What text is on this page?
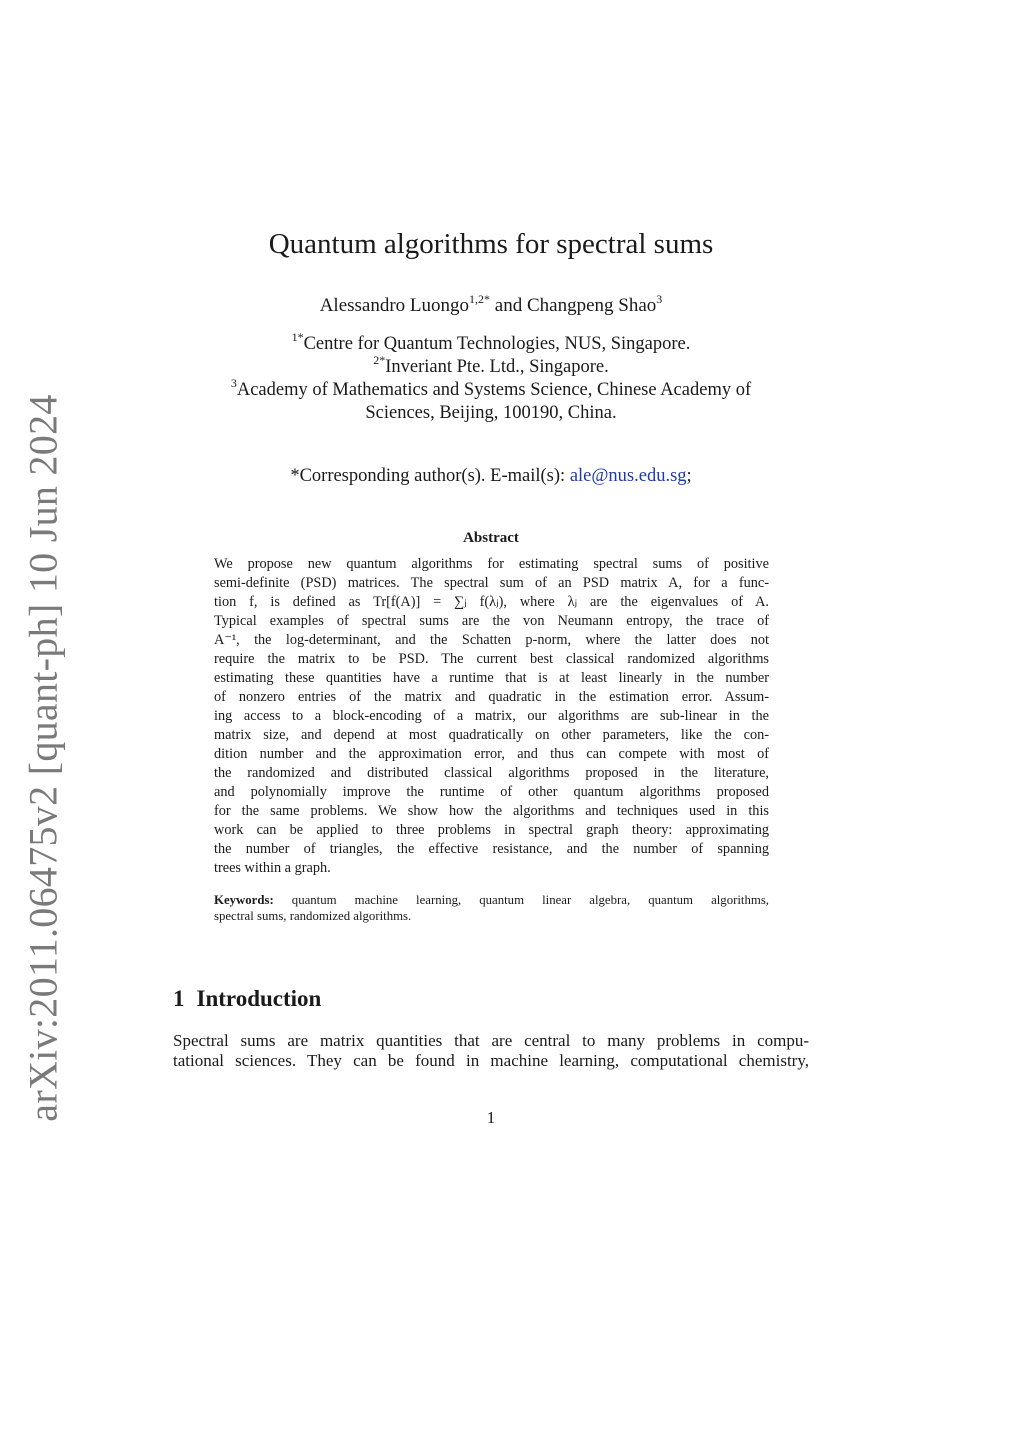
arXiv:2011.06475v2 [quant-ph] 10 Jun 2024
Quantum algorithms for spectral sums
Alessandro Luongo$^{1,2*}$ and Changpeng Shao$^3$
$^{1*}$Centre for Quantum Technologies, NUS, Singapore.
$^{2*}$Inveriant Pte. Ltd., Singapore.
$^3$Academy of Mathematics and Systems Science, Chinese Academy of
Sciences, Beijing, 100190, China.
*Corresponding author(s). E-mail(s): ale@nus.edu.sg;
Abstract
We propose new quantum algorithms for estimating spectral sums of positive
semi-definite (PSD) matrices. The spectral sum of an PSD matrix A, for a func-
tion f, is defined as Tr[f(A)] = ∑ⱼ f(λⱼ), where λⱼ are the eigenvalues of A.
Typical examples of spectral sums are the von Neumann entropy, the trace of
A⁻¹, the log-determinant, and the Schatten p-norm, where the latter does not
require the matrix to be PSD. The current best classical randomized algorithms
estimating these quantities have a runtime that is at least linearly in the number
of nonzero entries of the matrix and quadratic in the estimation error. Assum-
ing access to a block-encoding of a matrix, our algorithms are sub-linear in the
matrix size, and depend at most quadratically on other parameters, like the con-
dition number and the approximation error, and thus can compete with most of
the randomized and distributed classical algorithms proposed in the literature,
and polynomially improve the runtime of other quantum algorithms proposed
for the same problems. We show how the algorithms and techniques used in this
work can be applied to three problems in spectral graph theory: approximating
the number of triangles, the effective resistance, and the number of spanning
trees within a graph.
Keywords: quantum machine learning, quantum linear algebra, quantum algorithms,
spectral sums, randomized algorithms.
1 Introduction
Spectral sums are matrix quantities that are central to many problems in compu-
tational sciences. They can be found in machine learning, computational chemistry,
1
